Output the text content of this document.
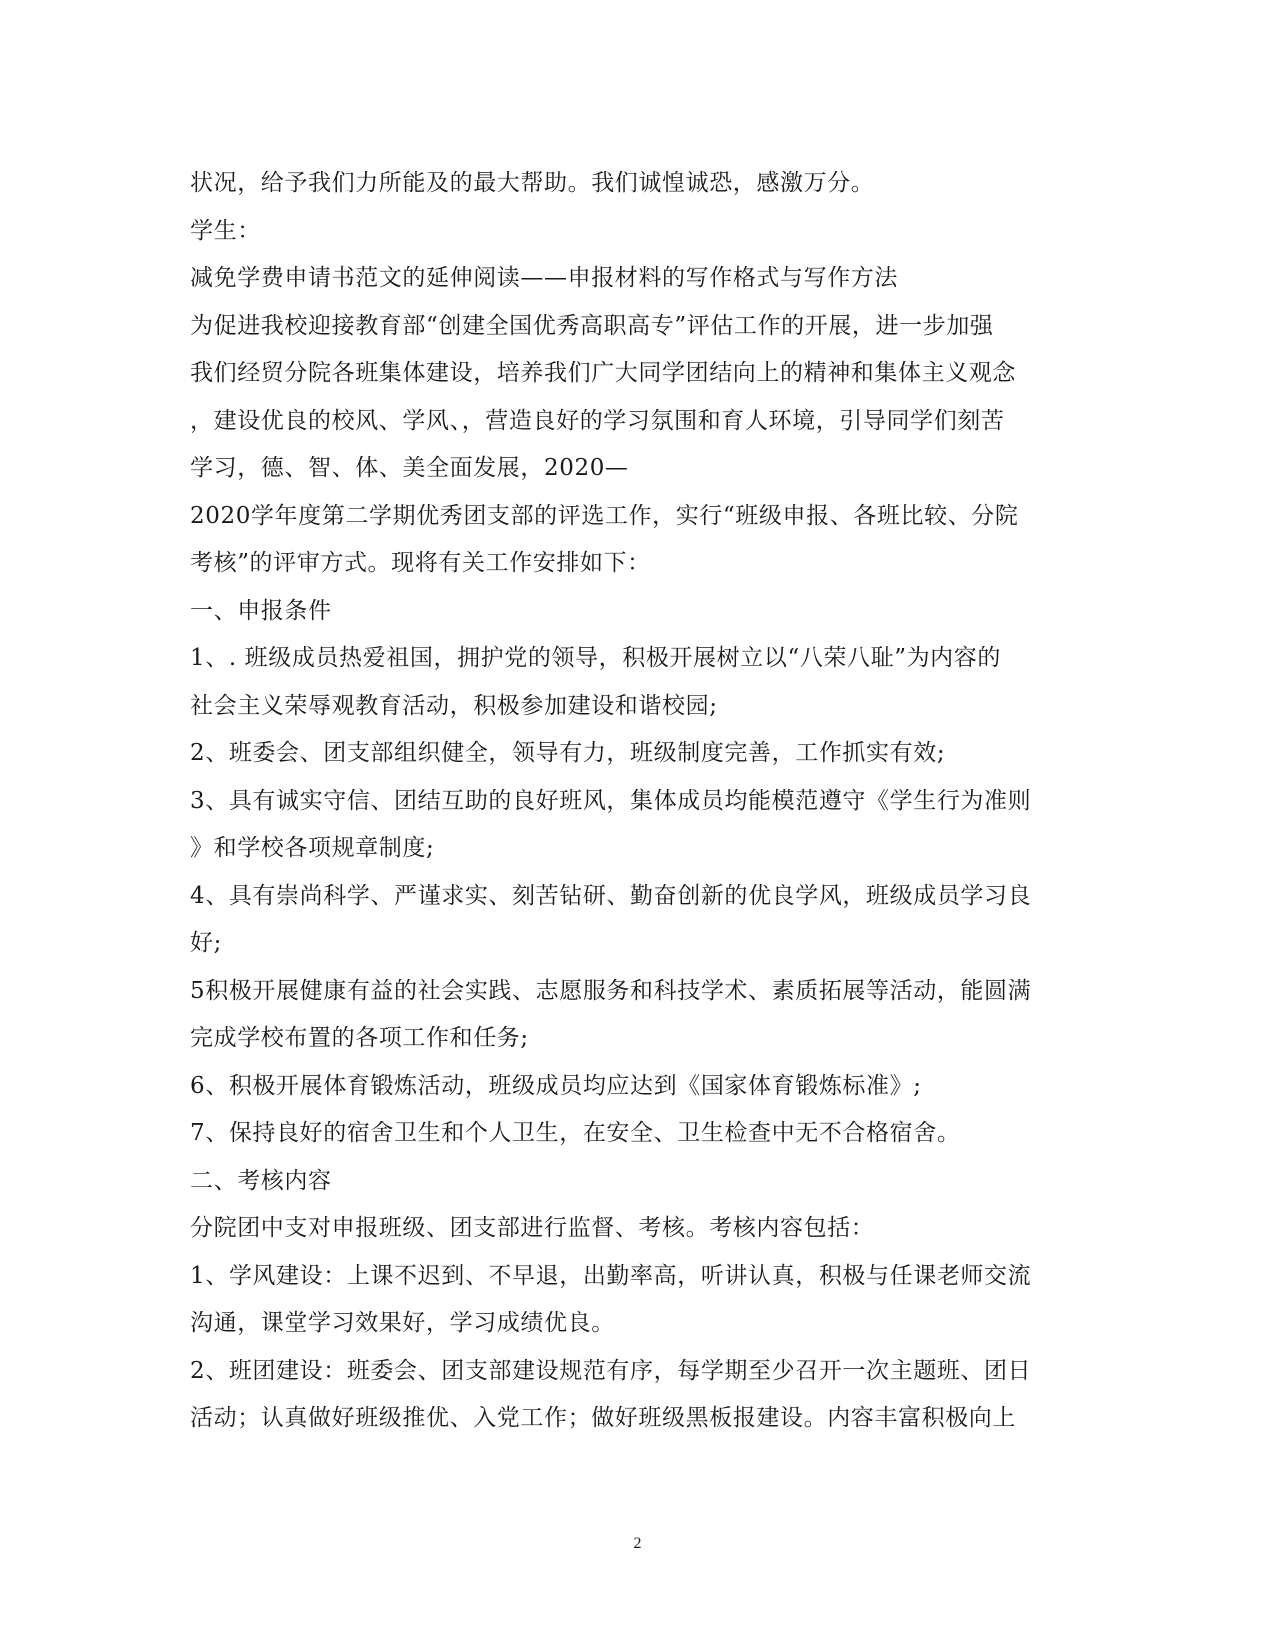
状况，给予我们力所能及的最大帮助。我们诚惶诚恐，感激万分。
学生：
减免学费申请书范文的延伸阅读——申报材料的写作格式与写作方法
为促进我校迎接教育部“创建全国优秀高职高专”评估工作的开展，进一步加强
我们经贸分院各班集体建设，培养我们广大同学团结向上的精神和集体主义观念
，建设优良的校风、学风、，营造良好的学习氛围和育人环境，引导同学们刻苦
学习，德、智、体、美全面发展，2020—
2020学年度第二学期优秀团支部的评选工作，实行“班级申报、各班比较、分院
考核”的评审方式。现将有关工作安排如下：
一、申报条件
1、. 班级成员热爱祖国，拥护党的领导，积极开展树立以“八荣八耻”为内容的
社会主义荣辱观教育活动，积极参加建设和谐校园;
2、班委会、团支部组织健全，领导有力，班级制度完善，工作抓实有效;
3、具有诚实守信、团结互助的良好班风，集体成员均能模范遵守《学生行为准则
》和学校各项规章制度;
4、具有崇尚科学、严谨求实、刻苦钻研、勤奋创新的优良学风，班级成员学习良
好;
5积极开展健康有益的社会实践、志愿服务和科技学术、素质拓展等活动，能圆满
完成学校布置的各项工作和任务;
6、积极开展体育锻炼活动，班级成员均应达到《国家体育锻炼标准》;
7、保持良好的宿舍卫生和个人卫生，在安全、卫生检查中无不合格宿舍。
二、考核内容
分院团中支对申报班级、团支部进行监督、考核。考核内容包括：
1、学风建设：上课不迟到、不早退，出勤率高，听讲认真，积极与任课老师交流
沟通，课堂学习效果好，学习成绩优良。
2、班团建设：班委会、团支部建设规范有序，每学期至少召开一次主题班、团日
活动；认真做好班级推优、入党工作；做好班级黑板报建设。内容丰富积极向上
2
